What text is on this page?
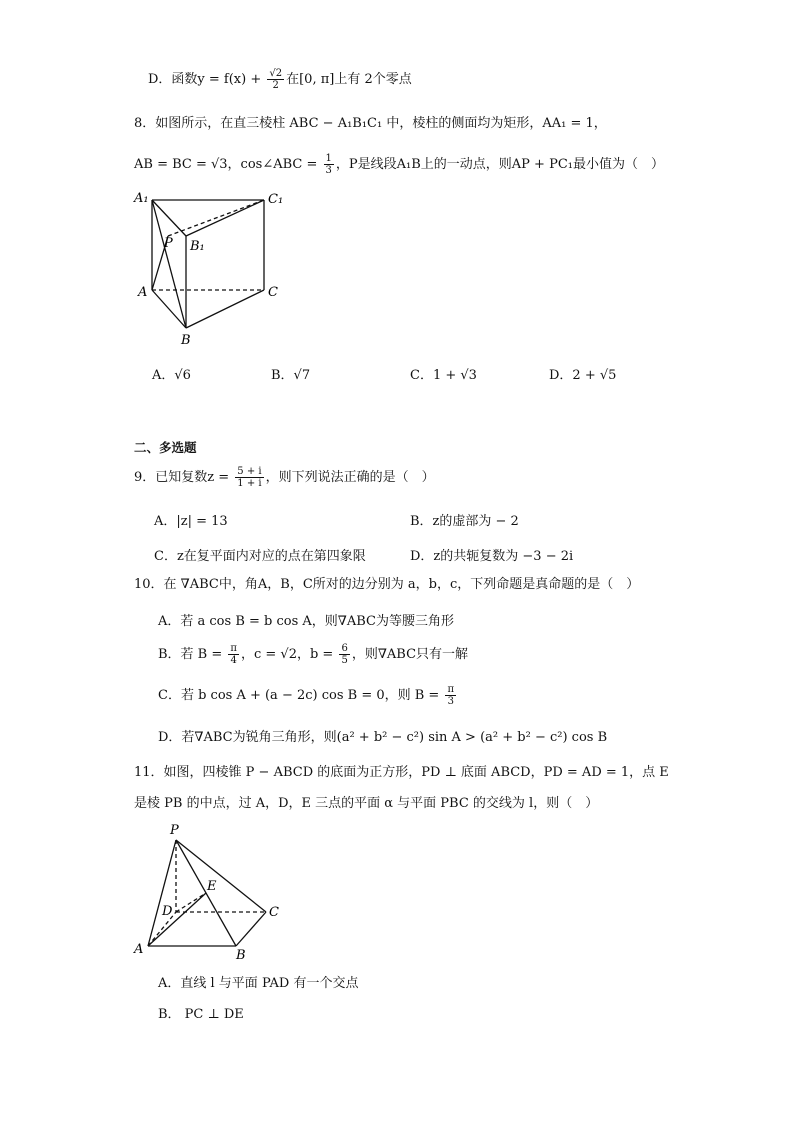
D．函数$y = f(x) + \frac{√2}{2}$ 在[0, π]上有 2个零点
8．如图所示，在直三棱柱 ABC − A₁B₁C₁ 中，棱柱的侧面均为矩形，AA₁ = 1，
AB = BC = √3，cos∠ABC = $\frac{1}{3}$ ，P是线段A₁B上的一动点，则AP + PC₁最小值为（　）
A₁	C₁
P B₁
A	C
B
A．√6	B．√7	C．1 + √3	D．2 + √5
二、多选题
9．已知复数$z = \frac{5 + i}{1 + i}$ ，则下列说法正确的是（　）
A．|z| = 13	B．z的虚部为 − 2
C．z在复平面内对应的点在第四象限	D．z的共轭复数为 −3 − 2i
10．在 ∇ABC中，角A，B，C所对的边分别为 a，b，c，下列命题是真命题的是（　）
A．若 a cos B = b cos A，则∇ABC为等腰三角形
B．若 $B = \frac{\pi}{4}$ ，c = √2，$b = \frac{6}{5}$ ，则∇ABC只有一解
C．若 b cos A + (a − 2c) cos B = 0，则 $B = \frac{\pi}{3}$
D．若∇ABC为锐角三角形，则(a² + b² − c²) sin A > (a² + b² − c²) cos B
11．如图，四棱锥 P − ABCD 的底面为正方形，PD ⊥ 底面 ABCD，PD = AD = 1，点 E
是棱 PB 的中点，过 A，D，E 三点的平面 α 与平面 PBC 的交线为 l，则（　）
P
E
D	C
A	B
A．直线 l 与平面 PAD 有一个交点
B． PC ⊥ DE
